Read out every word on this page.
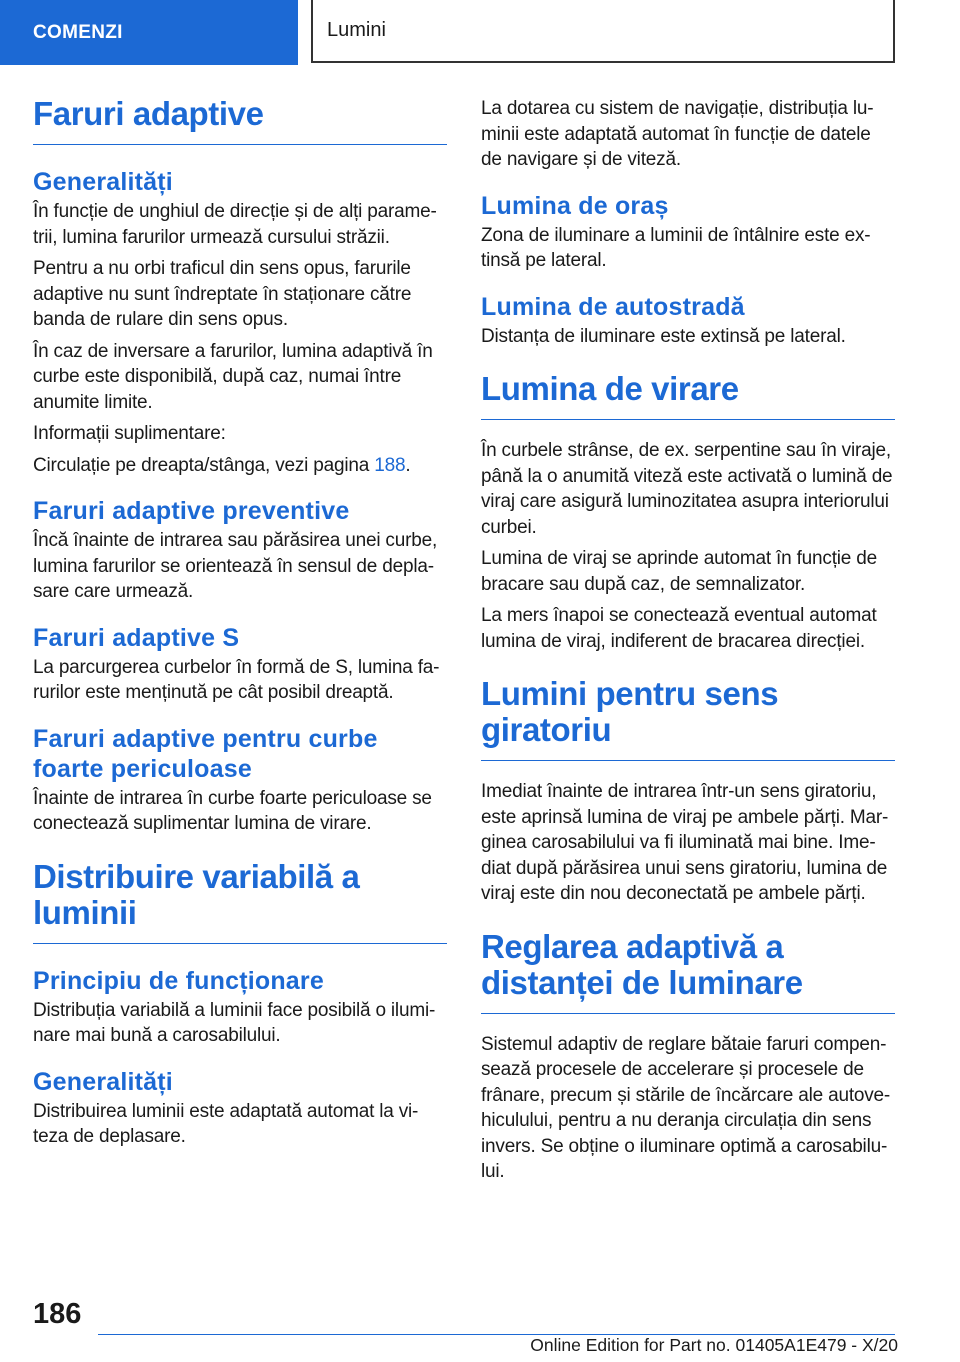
COMENZI	Lumini
Faruri adaptive
Generalități

În funcție de unghiul de direcție și de alți parame-trii, lumina farurilor urmează cursului străzii.

Pentru a nu orbi traficul din sens opus, farurile adaptive nu sunt îndreptate în staționare către banda de rulare din sens opus.

În caz de inversare a farurilor, lumina adaptivă în curbe este disponibilă, după caz, numai între anumite limite.

Informații suplimentare:

Circulație pe dreapta/stânga, vezi pagina 188.

Faruri adaptive preventive

Încă înainte de intrarea sau părăsirea unei curbe, lumina farurilor se orientează în sensul de depla-sare care urmează.

Faruri adaptive S

La parcurgerea curbelor în formă de S, lumina fa-rurilor este menținută pe cât posibil dreaptă.

Faruri adaptive pentru curbe foarte periculoase

Înainte de intrarea în curbe foarte periculoase se conectează suplimentar lumina de virare.

Distribuire variabilă a luminii
Principiu de funcționare

Distribuția variabilă a luminii face posibilă o ilumi-nare mai bună a carosabilului.

Generalități

Distribuirea luminii este adaptată automat la vi-teza de deplasare.

La dotarea cu sistem de navigație, distribuția lu-minii este adaptată automat în funcție de datele de navigare și de viteză.

Lumina de oraș

Zona de iluminare a luminii de întâlnire este ex-tinsă pe lateral.

Lumina de autostradă

Distanța de iluminare este extinsă pe lateral.

Lumina de virare

În curbele strânse, de ex. serpentine sau în viraje, până la o anumită viteză este activată o lumină de viraj care asigură luminozitatea asupra interiorului curbei.

Lumina de viraj se aprinde automat în funcție de bracare sau după caz, de semnalizator.

La mers înapoi se conectează eventual automat lumina de viraj, indiferent de bracarea direcției.

Lumini pentru sens giratoriu

Imediat înainte de intrarea într-un sens giratoriu, este aprinsă lumina de viraj pe ambele părți. Mar-ginea carosabilului va fi iluminată mai bine. Ime-diat după părăsirea unui sens giratoriu, lumina de viraj este din nou deconectată pe ambele părți.

Reglarea adaptivă a distanței de luminare

Sistemul adaptiv de reglare bătaie faruri compen-sează procesele de accelerare și procesele de frânare, precum și stările de încărcare ale autove-hiculului, pentru a nu deranja circulația din sens invers. Se obține o iluminare optimă a carosabilu-lui.

186
Online Edition for Part no. 01405A1E479 - X/20
